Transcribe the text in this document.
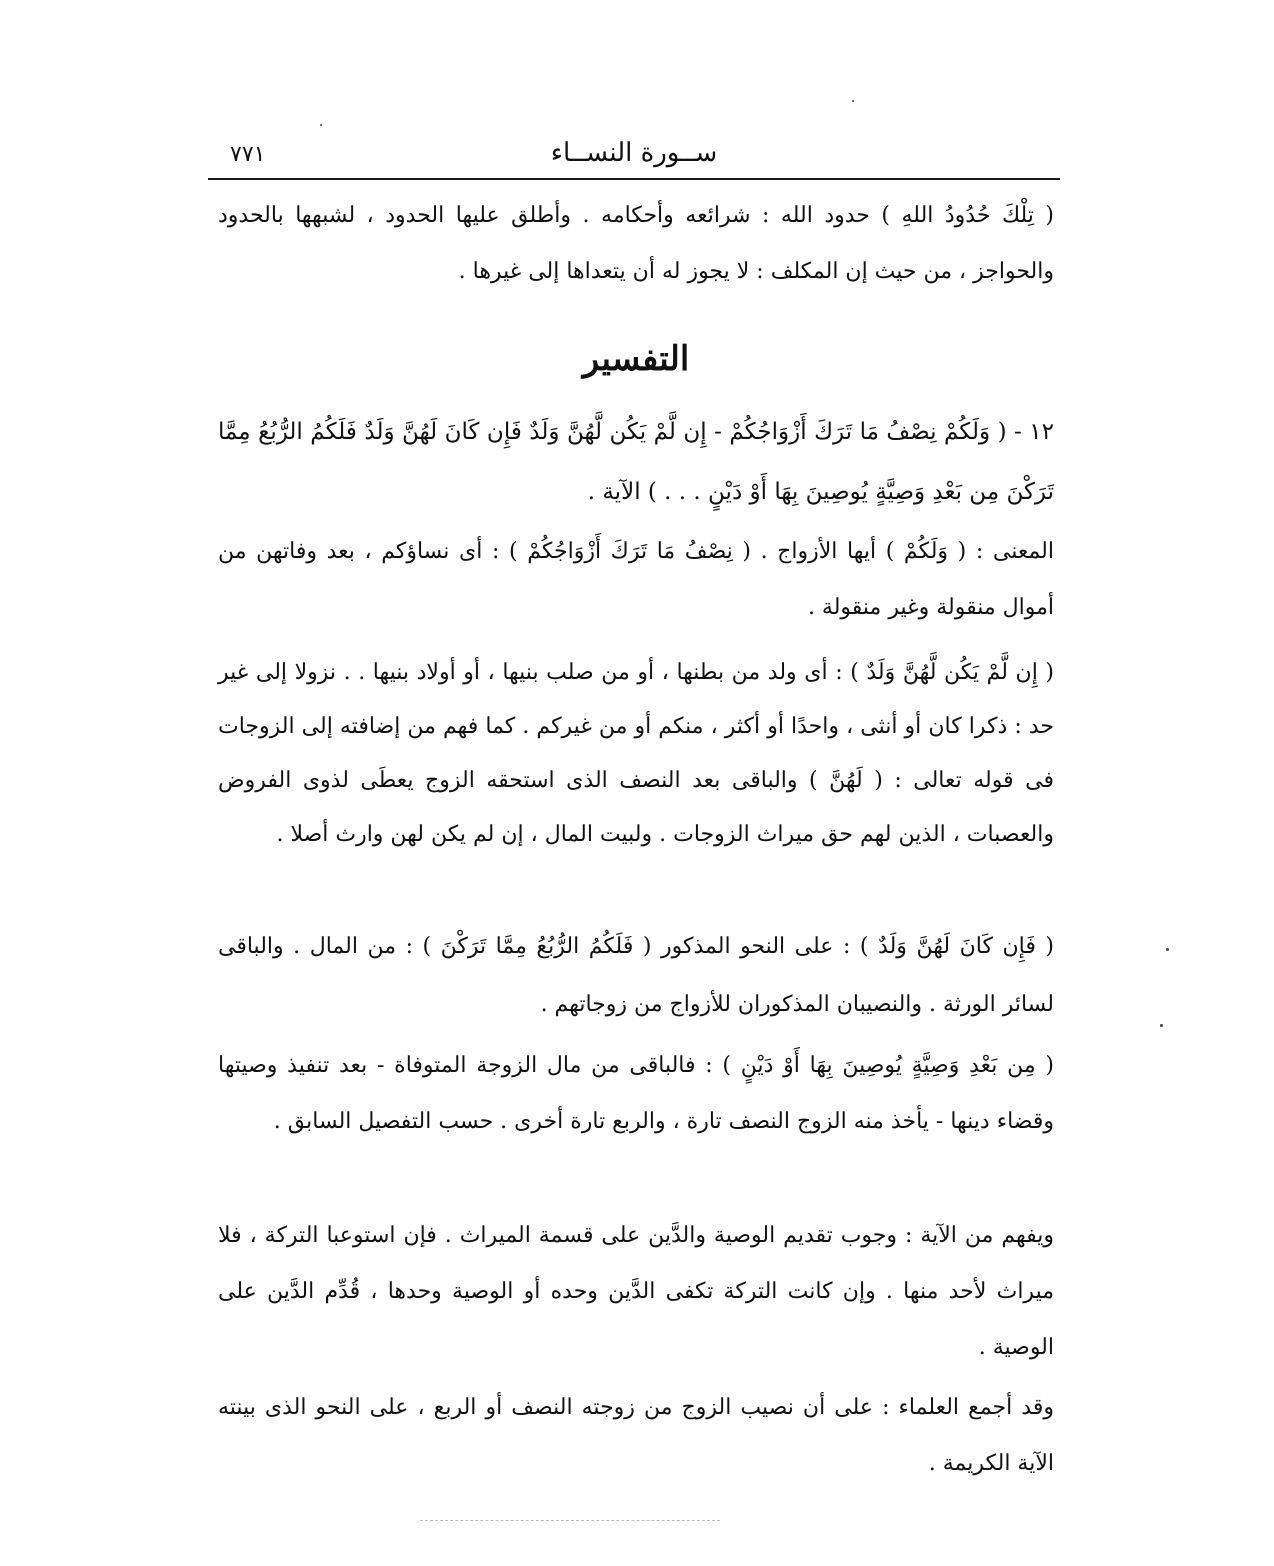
٧٧١	ســورة النســاء

( تِلْكَ حُدُودُ اللهِ ) حدود الله : شرائعه وأحكامه . وأطلق عليها الحدود ، لشبهها بالحدود والحواجز ، من حيث إن المكلف : لا يجوز له أن يتعداها إلى غيرها .

التفسير

١٢ - ( وَلَكُمْ نِصْفُ مَا تَرَكَ أَزْوَاجُكُمْ - إِن لَّمْ يَكُن لَّهُنَّ وَلَدٌ فَإِن كَانَ لَهُنَّ وَلَدٌ فَلَكُمُ الرُّبُعُ مِمَّا تَرَكْنَ مِن بَعْدِ وَصِيَّةٍ يُوصِينَ بِهَا أَوْ دَيْنٍ . . . ) الآية .

المعنى : ( وَلَكُمْ ) أيها الأزواج . ( نِصْفُ مَا تَرَكَ أَزْوَاجُكُمْ ) : أى نساؤكم ، بعد وفاتهن من أموال منقولة وغير منقولة .

( إِن لَّمْ يَكُن لَّهُنَّ وَلَدٌ ) : أى ولد من بطنها ، أو من صلب بنيها ، أو أولاد بنيها . . نزولا إلى غير حد : ذكرا كان أو أنثى ، واحدًا أو أكثر ، منكم أو من غيركم . كما فهم من إضافته إلى الزوجات فى قوله تعالى : ( لَهُنَّ ) والباقى بعد النصف الذى استحقه الزوج يعطَى لذوى الفروض والعصبات ، الذين لهم حق ميراث الزوجات . ولبيت المال ، إن لم يكن لهن وارث أصلا .

( فَإِن كَانَ لَهُنَّ وَلَدٌ ) : على النحو المذكور ( فَلَكُمُ الرُّبُعُ مِمَّا تَرَكْنَ ) : من المال . والباقى لسائر الورثة . والنصيبان المذكوران للأزواج من زوجاتهم .

( مِن بَعْدِ وَصِيَّةٍ يُوصِينَ بِهَا أَوْ دَيْنٍ ) : فالباقى من مال الزوجة المتوفاة - بعد تنفيذ وصيتها وقضاء دينها - يأخذ منه الزوج النصف تارة ، والربع تارة أخرى . حسب التفصيل السابق .

ويفهم من الآية : وجوب تقديم الوصية والدَّين على قسمة الميراث . فإن استوعبا التركة ، فلا ميراث لأحد منها . وإن كانت التركة تكفى الدَّين وحده أو الوصية وحدها ، قُدِّم الدَّين على الوصية .

وقد أجمع العلماء : على أن نصيب الزوج من زوجته النصف أو الربع ، على النحو الذى بينته الآية الكريمة .
